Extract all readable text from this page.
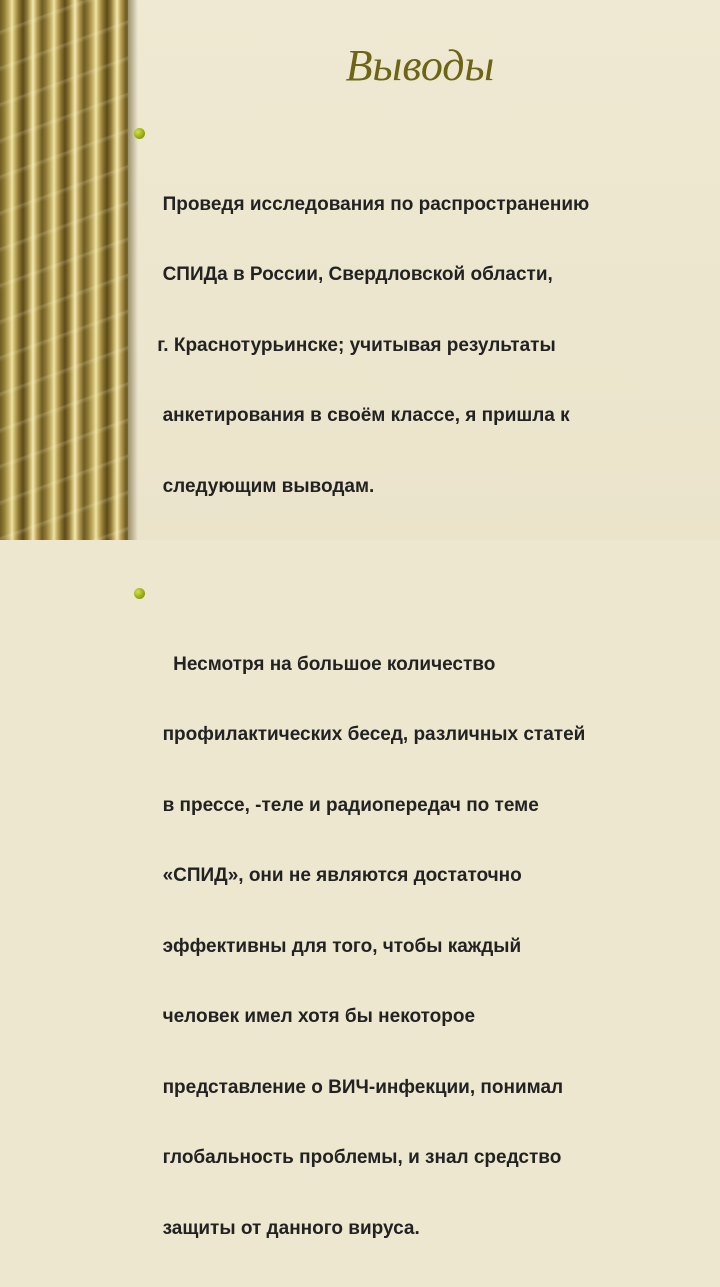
Выводы

Проведя исследования по распространению

СПИДа в России, Свердловской области,

г. Краснотурьинске; учитывая результаты

анкетирования в своём классе, я пришла к

следующим выводам.

Несмотря на большое количество

профилактических бесед, различных статей

в прессе, -теле и радиопередач по теме

«СПИД», они не являются достаточно

эффективны для того, чтобы каждый

человек имел хотя бы некоторое

представление о ВИЧ-инфекции, понимал

глобальность проблемы, и знал средство

защиты от данного вируса.
